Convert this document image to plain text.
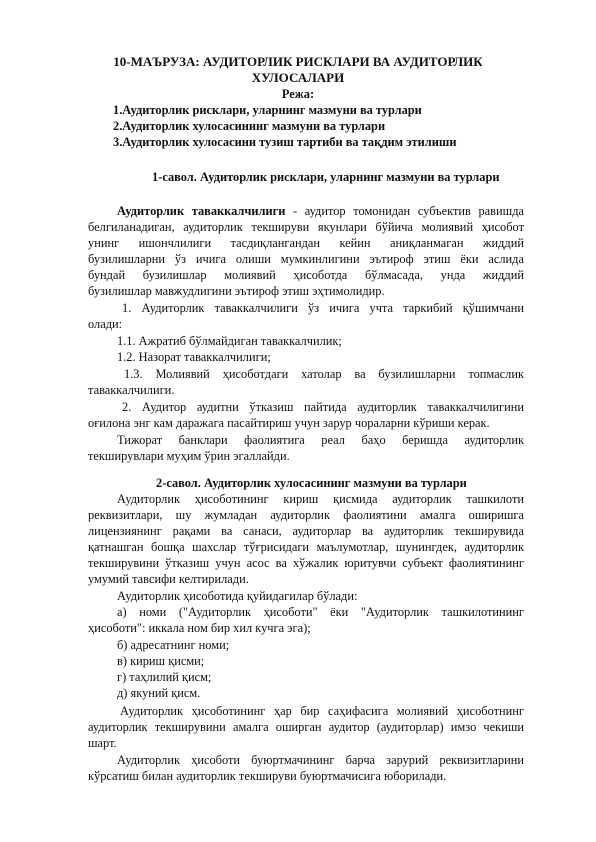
10-МАЪРУЗА: АУДИТОРЛИК РИСКЛАРИ ВА АУДИТОРЛИК
ХУЛОСАЛАРИ
Режа:
1.Аудиторлик рисклари, уларнинг мазмуни ва турлари
2.Аудиторлик хулосасининг мазмуни ва турлари
3.Аудиторлик хулосасини тузиш тартиби ва тақдим этилиши
1-савол. Аудиторлик рисклари, уларнинг мазмуни ва турлари
Аудиторлик таваккалчилиги - аудитор томонидан субъектив равишда
белгиланадиган, аудиторлик текшируви якунлари бўйича молиявий ҳисобот
унинг ишончлилиги тасдиқлангандан кейин аниқланмаган жиддий
бузилишларни ўз ичига олиши мумкинлигини эътироф этиш ёки аслида
бундай бузилишлар молиявий ҳисоботда бўлмасада, унда жиддий
бузилишлар мавжудлигини эътироф этиш эҳтимолидир.
1. Аудиторлик таваккалчилиги ўз ичига учта таркибий қўшимчани
олади:
1.1. Ажратиб бўлмайдиган таваккалчилик;
1.2. Назорат таваккалчилиги;
1.3. Молиявий ҳисоботдаги хатолар ва бузилишларни топмаслик
таваккалчилиги.
2. Аудитор аудитни ўтказиш пайтида аудиторлик таваккалчилигини
оғилона энг кам даражага пасайтириш учун зарур чораларни кўриши керак.
Тижорат банклари фаолиятига реал баҳо беришда аудиторлик
текширувлари муҳим ўрин эгаллайди.
2-савол. Аудиторлик хулосасининг мазмуни ва турлари
Аудиторлик ҳисоботининг кириш қисмида аудиторлик ташкилоти
реквизитлари, шу жумладан аудиторлик фаолиятини амалга оширишга
лицензиянинг рақами ва санаси, аудиторлар ва аудиторлик текширувида
қатнашган бошқа шахслар тўғрисидаги маълумотлар, шунингдек, аудиторлик
текширувини ўтказиш учун асос ва хўжалик юритувчи субъект фаолиятининг
умумий тавсифи келтирилади.
Аудиторлик ҳисоботида қуйидагилар бўлади:
а) номи ("Аудиторлик ҳисоботи" ёки "Аудиторлик ташкилотининг
ҳисоботи": иккала ном бир хил кучга эга);
б) адресатнинг номи;
в) кириш қисми;
г) таҳлилий қисм;
д) якуний қисм.
Аудиторлик ҳисоботининг ҳар бир саҳифасига молиявий ҳисоботнинг
аудиторлик текширувини амалга оширган аудитор (аудиторлар) имзо чекиши
шарт.
Аудиторлик ҳисоботи буюртмачининг барча зарурий реквизитларини
кўрсатиш билан аудиторлик текшируви буюртмачисига юборилади.
